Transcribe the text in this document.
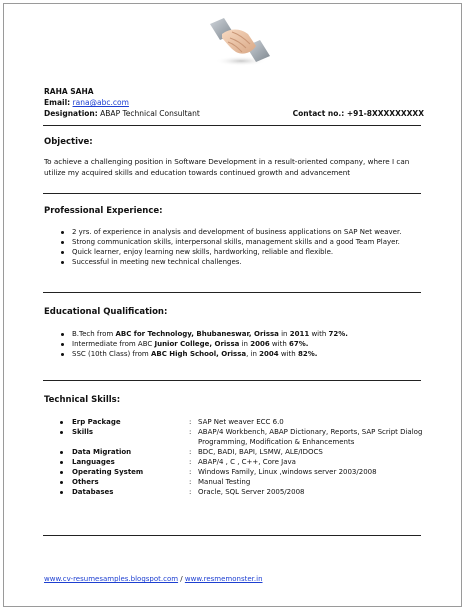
RAHA SAHA
Email: rana@abc.com
Designation: ABAP Technical Consultant	Contact no.: +91-8XXXXXXXXX
Objective:
To achieve a challenging position in Software Development in a result-oriented company, where I can utilize my acquired skills and education towards continued growth and advancement
Professional Experience:
2 yrs. of experience in analysis and development of business applications on SAP Net weaver.
Strong communication skills, interpersonal skills, management skills and a good Team Player.
Quick learner, enjoy learning new skills, hardworking, reliable and flexible.
Successful in meeting new technical challenges.
Educational Qualification:
B.Tech from ABC for Technology, Bhubaneswar, Orissa in 2011 with 72%.
Intermediate from ABC Junior College, Orissa in 2006 with 67%.
SSC (10th Class) from ABC High School, Orissa, in 2004 with 82%.
Technical Skills:
Erp Package	: SAP Net weaver ECC 6.0
Skills	: ABAP/4 Workbench, ABAP Dictionary, Reports, SAP Script Dialog Programming, Modification & Enhancements
Data Migration	: BDC, BADI, BAPI, LSMW, ALE/IDOCS
Languages	: ABAP/4 , C , C++, Core Java
Operating System	: Windows Family, Linux ,windows server 2003/2008
Others	: Manual Testing
Databases	: Oracle, SQL Server 2005/2008
www.cv-resumesamples.blogspot.com / www.resmemonster.in
